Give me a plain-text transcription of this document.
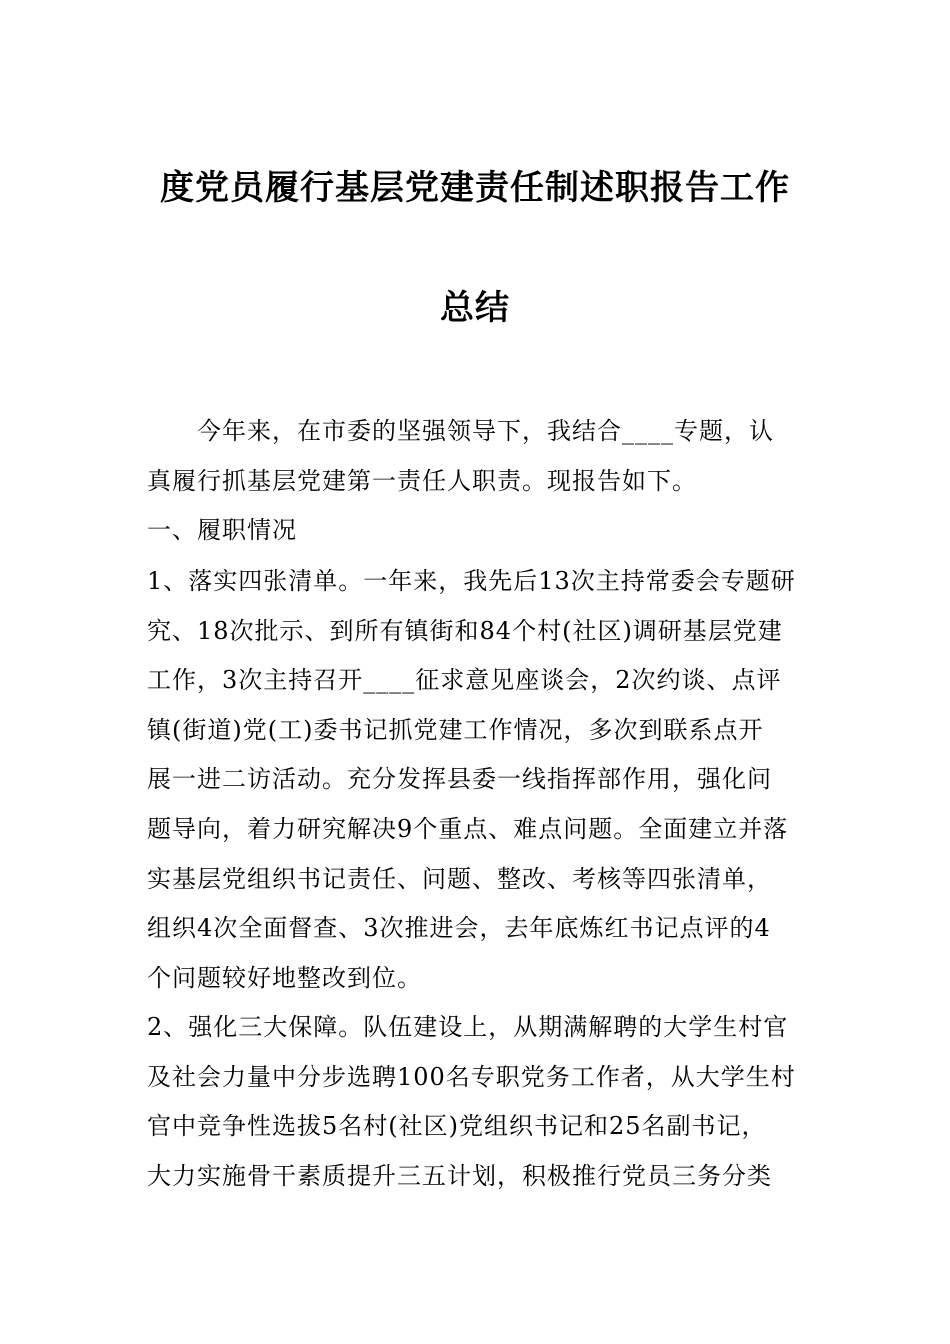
度党员履行基层党建责任制述职报告工作
总结
　　今年来，在市委的坚强领导下，我结合____专题，认
真履行抓基层党建第一责任人职责。现报告如下。
一、履职情况
1、落实四张清单。一年来，我先后13次主持常委会专题研
究、18次批示、到所有镇街和84个村(社区)调研基层党建
工作，3次主持召开____征求意见座谈会，2次约谈、点评
镇(街道)党(工)委书记抓党建工作情况，多次到联系点开
展一进二访活动。充分发挥县委一线指挥部作用，强化问
题导向，着力研究解决9个重点、难点问题。全面建立并落
实基层党组织书记责任、问题、整改、考核等四张清单，
组织4次全面督查、3次推进会，去年底炼红书记点评的4
个问题较好地整改到位。
2、强化三大保障。队伍建设上，从期满解聘的大学生村官
及社会力量中分步选聘100名专职党务工作者，从大学生村
官中竞争性选拔5名村(社区)党组织书记和25名副书记，
大力实施骨干素质提升三五计划，积极推行党员三务分类
